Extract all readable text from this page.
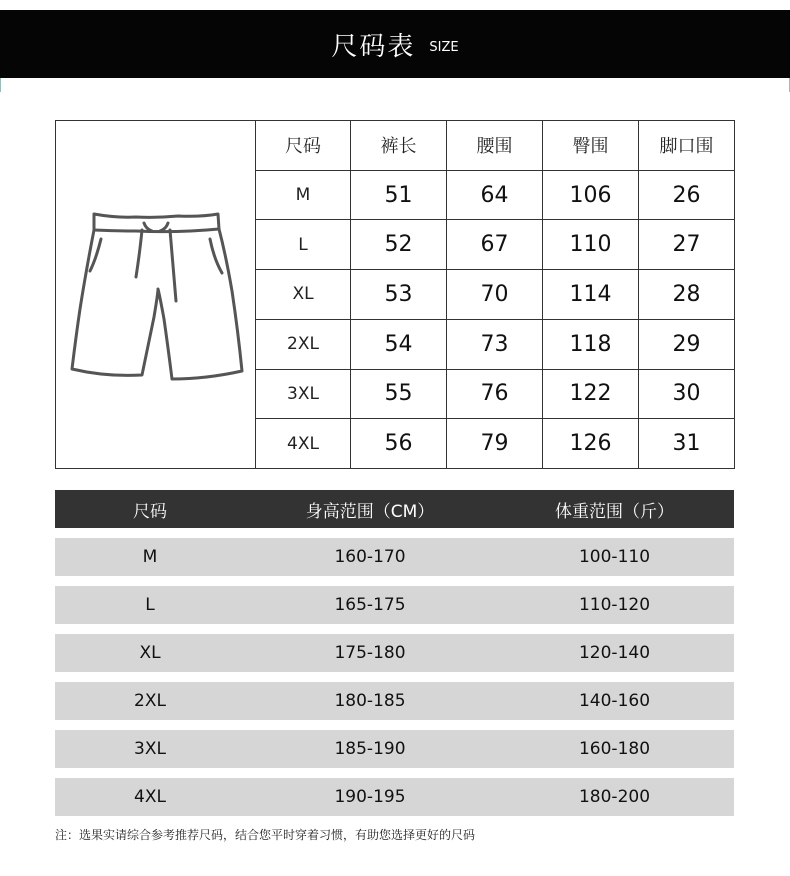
尺码表 SIZE
	尺码	裤长	腰围	臀围	脚口围
	M	51	64	106	26
	L	52	67	110	27
	XL	53	70	114	28
	2XL	54	73	118	29
	3XL	55	76	122	30
	4XL	56	79	126	31
尺码	身高范围（CM）	体重范围（斤）
M	160-170	100-110
L	165-175	110-120
XL	175-180	120-140
2XL	180-185	140-160
3XL	185-190	160-180
4XL	190-195	180-200
注：选果实请综合参考推荐尺码，结合您平时穿着习惯，有助您选择更好的尺码
